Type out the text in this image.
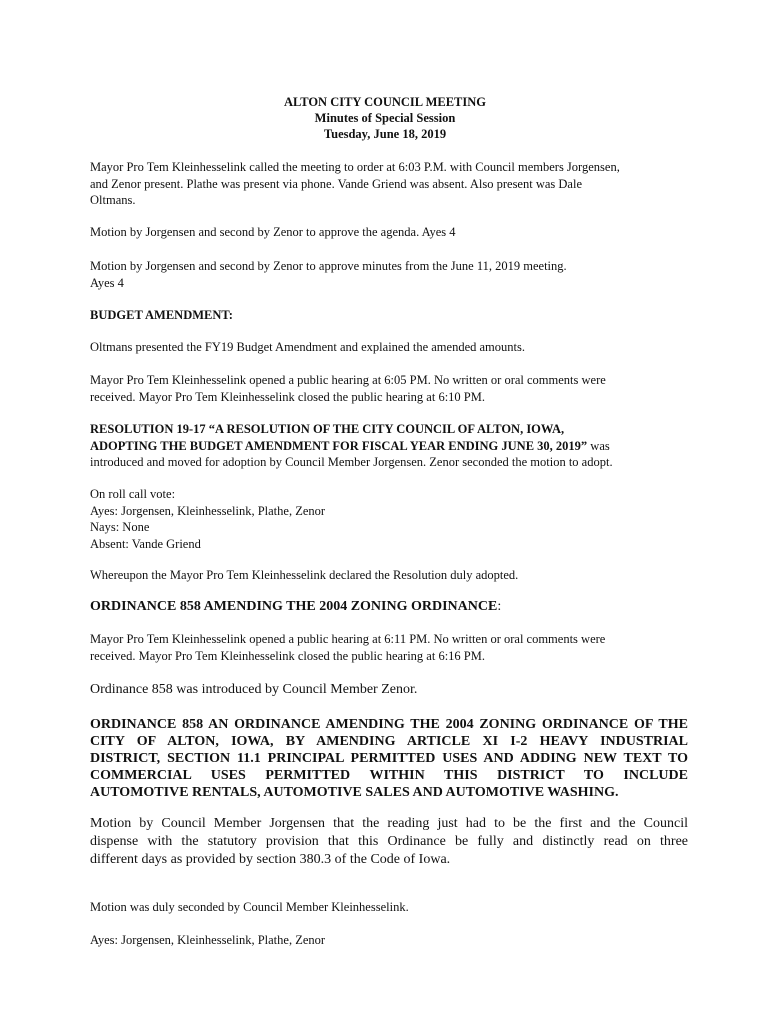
ALTON CITY COUNCIL MEETING
Minutes of Special Session
Tuesday, June 18, 2019

Mayor Pro Tem Kleinhesselink called the meeting to order at 6:03 P.M. with Council members Jorgensen,
and Zenor present. Plathe was present via phone. Vande Griend was absent. Also present was Dale
Oltmans.

Motion by Jorgensen and second by Zenor to approve the agenda. Ayes 4

Motion by Jorgensen and second by Zenor to approve minutes from the June 11, 2019 meeting.
Ayes 4

BUDGET AMENDMENT:

Oltmans presented the FY19 Budget Amendment and explained the amended amounts.

Mayor Pro Tem Kleinhesselink opened a public hearing at 6:05 PM. No written or oral comments were
received. Mayor Pro Tem Kleinhesselink closed the public hearing at 6:10 PM.

RESOLUTION 19-17 “A RESOLUTION OF THE CITY COUNCIL OF ALTON, IOWA,
ADOPTING THE BUDGET AMENDMENT FOR FISCAL YEAR ENDING JUNE 30, 2019” was
introduced and moved for adoption by Council Member Jorgensen. Zenor seconded the motion to adopt.

On roll call vote:
Ayes: Jorgensen, Kleinhesselink, Plathe, Zenor
Nays: None
Absent: Vande Griend

Whereupon the Mayor Pro Tem Kleinhesselink declared the Resolution duly adopted.

ORDINANCE 858 AMENDING THE 2004 ZONING ORDINANCE:

Mayor Pro Tem Kleinhesselink opened a public hearing at 6:11 PM. No written or oral comments were
received. Mayor Pro Tem Kleinhesselink closed the public hearing at 6:16 PM.

Ordinance 858 was introduced by Council Member Zenor.

ORDINANCE 858 AN ORDINANCE AMENDING THE 2004 ZONING ORDINANCE OF THE
CITY OF ALTON, IOWA, BY AMENDING ARTICLE XI I-2 HEAVY INDUSTRIAL
DISTRICT, SECTION 11.1 PRINCIPAL PERMITTED USES AND ADDING NEW TEXT TO
COMMERCIAL USES PERMITTED WITHIN THIS DISTRICT TO INCLUDE
AUTOMOTIVE RENTALS, AUTOMOTIVE SALES AND AUTOMOTIVE WASHING.

Motion by Council Member Jorgensen that the reading just had to be the first and the Council
dispense with the statutory provision that this Ordinance be fully and distinctly read on three
different days as provided by section 380.3 of the Code of Iowa.

Motion was duly seconded by Council Member Kleinhesselink.

Ayes: Jorgensen, Kleinhesselink, Plathe, Zenor
